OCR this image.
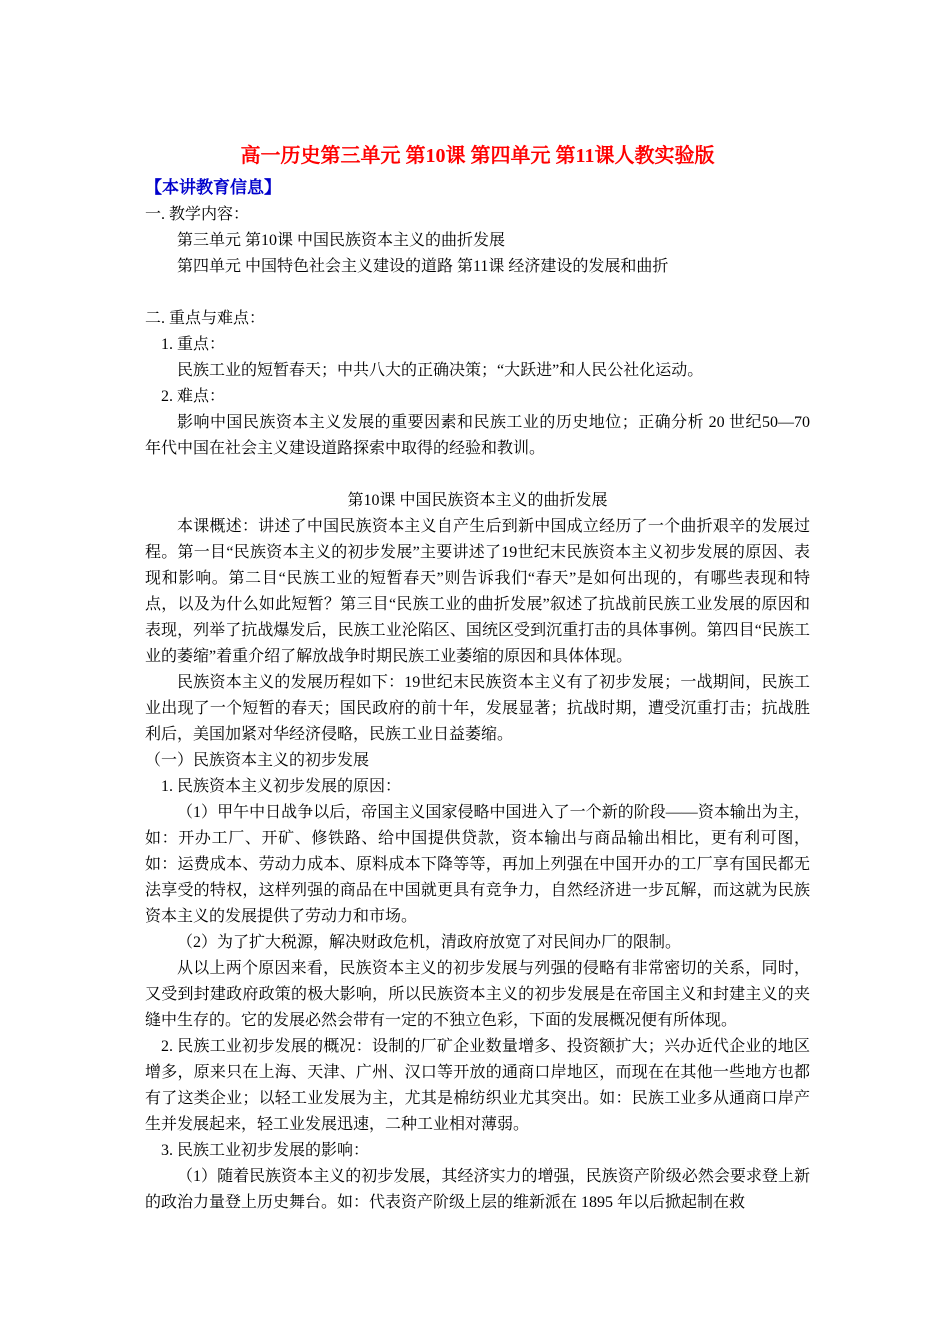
高一历史第三单元 第10课 第四单元 第11课人教实验版

【本讲教育信息】

一. 教学内容：

第三单元 第10课 中国民族资本主义的曲折发展

第四单元 中国特色社会主义建设的道路 第11课 经济建设的发展和曲折

二. 重点与难点：

1. 重点：

民族工业的短暂春天；中共八大的正确决策；“大跃进”和人民公社化运动。

2. 难点：

影响中国民族资本主义发展的重要因素和民族工业的历史地位；正确分析 20 世纪50—70 年代中国在社会主义建设道路探索中取得的经验和教训。

第10课 中国民族资本主义的曲折发展

本课概述：讲述了中国民族资本主义自产生后到新中国成立经历了一个曲折艰辛的发展过程。第一目“民族资本主义的初步发展”主要讲述了19世纪末民族资本主义初步发展的原因、表现和影响。第二目“民族工业的短暂春天”则告诉我们“春天”是如何出现的，有哪些表现和特点，以及为什么如此短暂？第三目“民族工业的曲折发展”叙述了抗战前民族工业发展的原因和表现，列举了抗战爆发后，民族工业沦陷区、国统区受到沉重打击的具体事例。第四目“民族工业的萎缩”着重介绍了解放战争时期民族工业萎缩的原因和具体体现。

民族资本主义的发展历程如下：19世纪末民族资本主义有了初步发展；一战期间，民族工业出现了一个短暂的春天；国民政府的前十年，发展显著；抗战时期，遭受沉重打击；抗战胜利后，美国加紧对华经济侵略，民族工业日益萎缩。

（一）民族资本主义的初步发展

1. 民族资本主义初步发展的原因：

（1）甲午中日战争以后，帝国主义国家侵略中国进入了一个新的阶段——资本输出为主，如：开办工厂、开矿、修铁路、给中国提供贷款，资本输出与商品输出相比，更有利可图，如：运费成本、劳动力成本、原料成本下降等等，再加上列强在中国开办的工厂享有国民都无法享受的特权，这样列强的商品在中国就更具有竞争力，自然经济进一步瓦解，而这就为民族资本主义的发展提供了劳动力和市场。

（2）为了扩大税源，解决财政危机，清政府放宽了对民间办厂的限制。

从以上两个原因来看，民族资本主义的初步发展与列强的侵略有非常密切的关系，同时，又受到封建政府政策的极大影响，所以民族资本主义的初步发展是在帝国主义和封建主义的夹缝中生存的。它的发展必然会带有一定的不独立色彩，下面的发展概况便有所体现。

2. 民族工业初步发展的概况：设制的厂矿企业数量增多、投资额扩大；兴办近代企业的地区增多，原来只在上海、天津、广州、汉口等开放的通商口岸地区，而现在在其他一些地方也都有了这类企业；以轻工业发展为主，尤其是棉纺织业尤其突出。如：民族工业多从通商口岸产生并发展起来，轻工业发展迅速，二种工业相对薄弱。

3. 民族工业初步发展的影响：

（1）随着民族资本主义的初步发展，其经济实力的增强，民族资产阶级必然会要求登上新的政治力量登上历史舞台。如：代表资产阶级上层的维新派在 1895 年以后掀起制在救
